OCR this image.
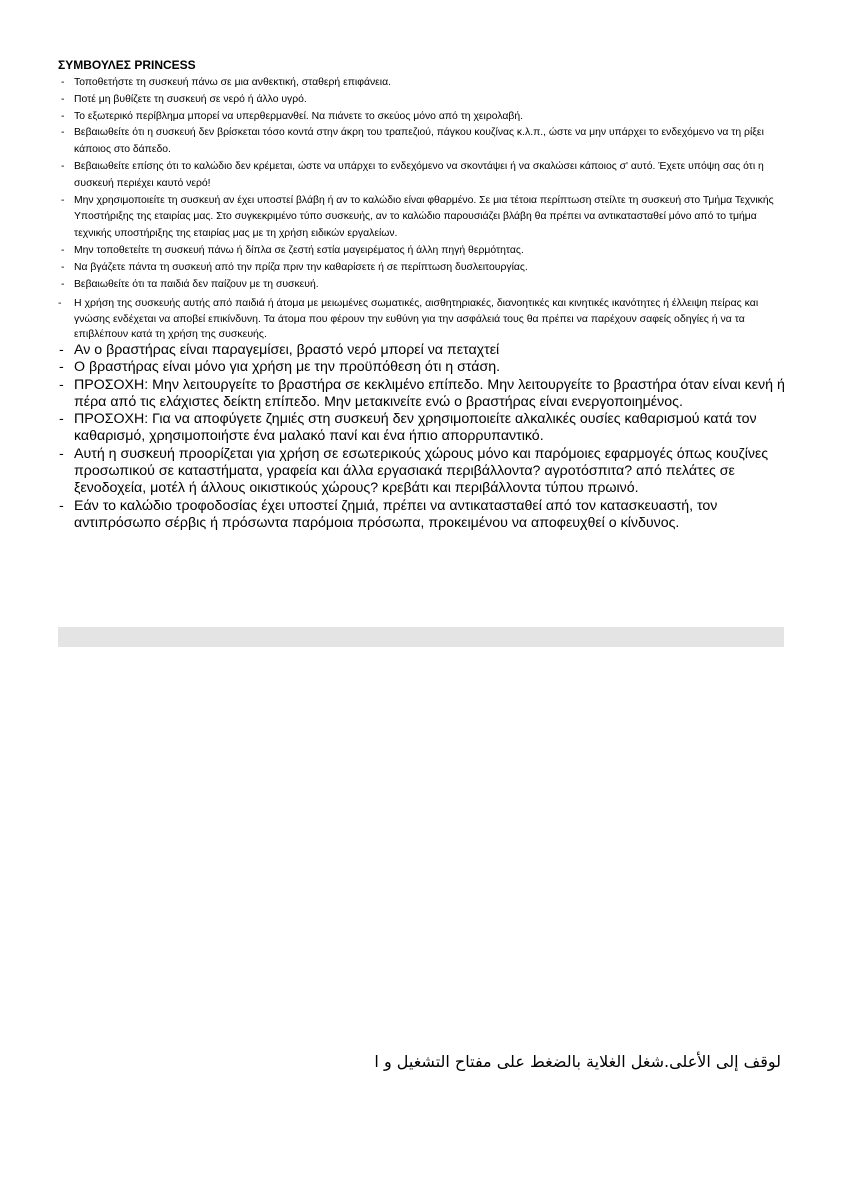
ΣΥΜΒΟΥΛΕΣ PRINCESS
- Τοποθετήστε τη συσκευή πάνω σε μια ανθεκτική, σταθερή επιφάνεια.
- Ποτέ μη βυθίζετε τη συσκευή σε νερό ή άλλο υγρό.
- Το εξωτερικό περίβλημα μπορεί να υπερθερμανθεί. Να πιάνετε το σκεύος μόνο από τη χειρολαβή.
- Βεβαιωθείτε ότι η συσκευή δεν βρίσκεται τόσο κοντά στην άκρη του τραπεζιού, πάγκου κουζίνας κ.λ.π., ώστε να μην υπάρχει το ενδεχόμενο να τη ρίξει κάποιος στο δάπεδο.
- Βεβαιωθείτε επίσης ότι το καλώδιο δεν κρέμεται, ώστε να υπάρχει το ενδεχόμενο να σκοντάψει ή να σκαλώσει κάποιος σ' αυτό. Έχετε υπόψη σας ότι η συσκευή περιέχει καυτό νερό!
- Μην χρησιμοποιείτε τη συσκευή αν έχει υποστεί βλάβη ή αν το καλώδιο είναι φθαρμένο. Σε μια τέτοια περίπτωση στείλτε τη συσκευή στο Τμήμα Τεχνικής Υποστήριξης της εταιρίας μας. Στο συγκεκριμένο τύπο συσκευής, αν το καλώδιο παρουσιάζει βλάβη θα πρέπει να αντικατασταθεί μόνο από το τμήμα τεχνικής υποστήριξης της εταιρίας μας με τη χρήση ειδικών εργαλείων.
- Μην τοποθετείτε τη συσκευή πάνω ή δίπλα σε ζεστή εστία μαγειρέματος ή άλλη πηγή θερμότητας.
- Να βγάζετε πάντα τη συσκευή από την πρίζα πριν την καθαρίσετε ή σε περίπτωση δυσλειτουργίας.
- Βεβαιωθείτε ότι τα παιδιά δεν παίζουν με τη συσκευή.
- Η χρήση της συσκευής αυτής από παιδιά ή άτομα με μειωμένες σωματικές, αισθητηριακές, διανοητικές και κινητικές ικανότητες ή έλλειψη πείρας και γνώσης ενδέχεται να αποβεί επικίνδυνη. Τα άτομα που φέρουν την ευθύνη για την ασφάλειά τους θα πρέπει να παρέχουν σαφείς οδηγίες ή να τα επιβλέπουν κατά τη χρήση της συσκευής.
- Αν ο βραστήρας είναι παραγεμίσει, βραστό νερό μπορεί να πεταχτεί
- Ο βραστήρας είναι μόνο για χρήση με την προϋπόθεση ότι η στάση.
- ΠΡΟΣΟΧΗ: Μην λειτουργείτε το βραστήρα σε κεκλιμένο επίπεδο. Μην λειτουργείτε το βραστήρα όταν είναι κενή ή πέρα από τις ελάχιστες δείκτη επίπεδο. Μην μετακινείτε ενώ ο βραστήρας είναι ενεργοποιημένος.
- ΠΡΟΣΟΧΗ: Για να αποφύγετε ζημιές στη συσκευή δεν χρησιμοποιείτε αλκαλικές ουσίες καθαρισμού κατά τον καθαρισμό, χρησιμοποιήστε ένα μαλακό πανί και ένα ήπιο απορρυπαντικό.
- Αυτή η συσκευή προορίζεται για χρήση σε εσωτερικούς χώρους μόνο και παρόμοιες εφαρμογές όπως κουζίνες προσωπικού σε καταστήματα, γραφεία και άλλα εργασιακά περιβάλλοντα? αγροτόσπιτα? από πελάτες σε ξενοδοχεία, μοτέλ ή άλλους οικιστικούς χώρους? κρεβάτι και περιβάλλοντα τύπου πρωινό.
- Εάν το καλώδιο τροφοδοσίας έχει υποστεί ζημιά, πρέπει να αντικατασταθεί από τον κατασκευαστή, τον αντιπρόσωπο σέρβις ή πρόσωντα παρόμοια πρόσωπα, προκειμένου να αποφευχθεί ο κίνδυνος.
لوقف إلى الأعلى.شغل الغلاية بالضغط على مفتاح التشغيل و ا
